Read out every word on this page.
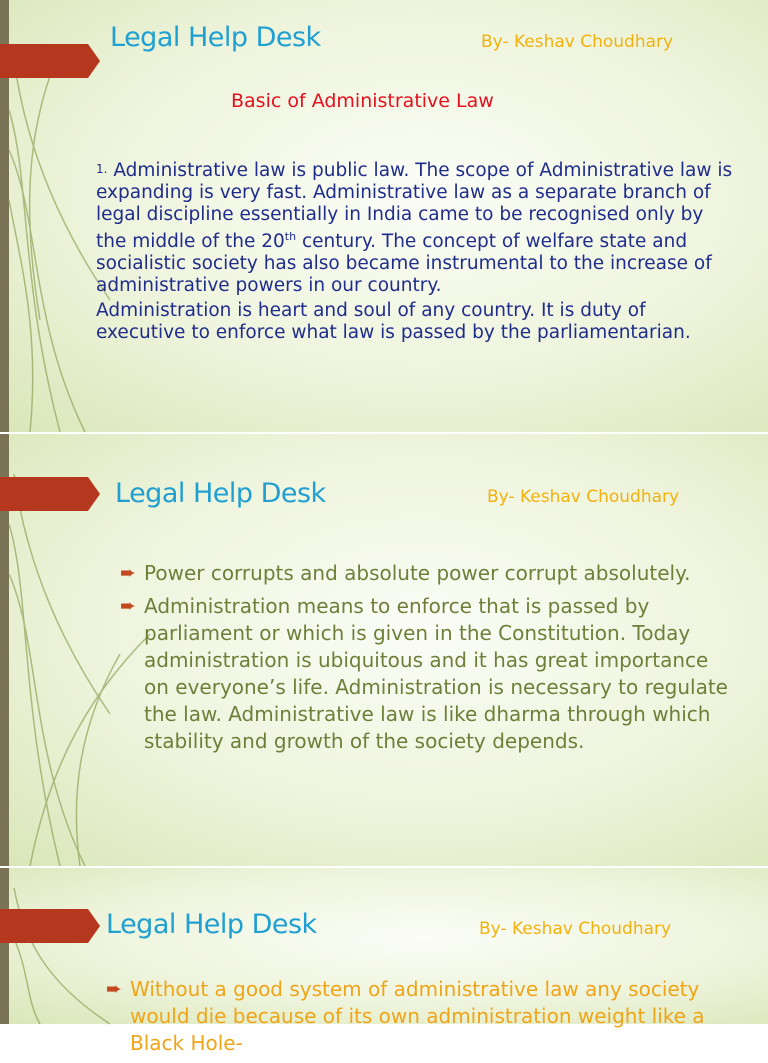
Legal Help Desk	By- Keshav Choudhary
Basic of Administrative Law
1. Administrative law is public law. The scope of Administrative law is expanding is very fast. Administrative law as a separate branch of legal discipline essentially in India came to be recognised only by the middle of the 20th century. The concept of welfare state and socialistic society has also became instrumental to the increase of administrative powers in our country.
Administration is heart and soul of any country. It is duty of executive to enforce what law is passed by the parliamentarian.
Legal Help Desk	By- Keshav Choudhary
➨ Power corrupts and absolute power corrupt absolutely.
➨ Administration means to enforce that is passed by parliament or which is given in the Constitution. Today administration is ubiquitous and it has great importance on everyone’s life. Administration is necessary to regulate the law. Administrative law is like dharma through which stability and growth of the society depends.
Legal Help Desk	By- Keshav Choudhary
➨ Without a good system of administrative law any society would die because of its own administration weight like a Black Hole-
